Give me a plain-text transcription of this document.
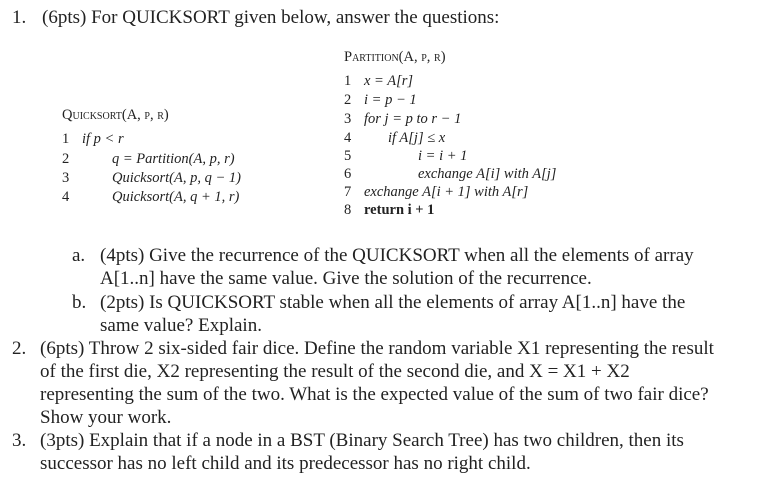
1. (6pts) For QUICKSORT given below, answer the questions:
Partition(A, p, r)
1 x = A[r]
2 i = p − 1
3 for j = p to r − 1
4	if A[j] ≤ x
5	i = i + 1
6	exchange A[i] with A[j]
7 exchange A[i + 1] with A[r]
8 return i + 1
Quicksort(A, p, r)
1 if p < r
2	q = Partition(A, p, r)
3	Quicksort(A, p, q − 1)
4	Quicksort(A, q + 1, r)
a. (4pts) Give the recurrence of the QUICKSORT when all the elements of array
A[1..n] have the same value. Give the solution of the recurrence.
b. (2pts) Is QUICKSORT stable when all the elements of array A[1..n] have the
same value? Explain.
2. (6pts) Throw 2 six-sided fair dice. Define the random variable X1 representing the result
of the first die, X2 representing the result of the second die, and X = X1 + X2
representing the sum of the two. What is the expected value of the sum of two fair dice?
Show your work.
3. (3pts) Explain that if a node in a BST (Binary Search Tree) has two children, then its
successor has no left child and its predecessor has no right child.
